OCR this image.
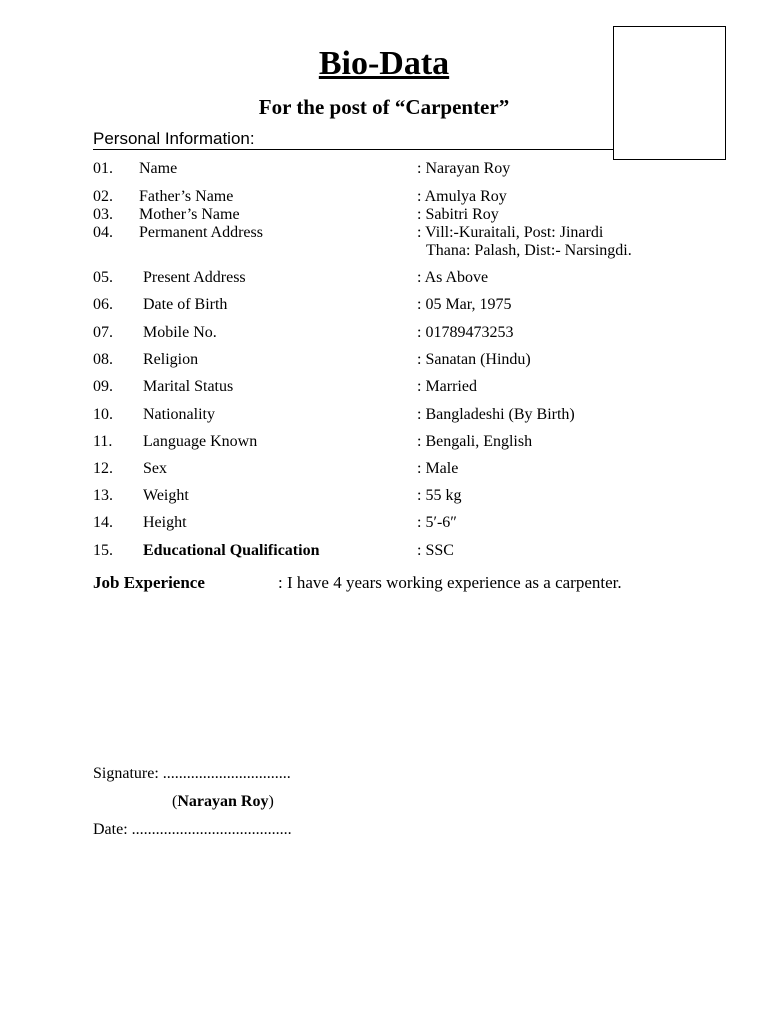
Bio-Data
For the post of “Carpenter”
Personal Information:
01. Name	: Narayan Roy
02. Father’s Name	: Amulya Roy
03. Mother’s Name	: Sabitri Roy
04. Permanent Address	: Vill:-Kuraitali, Post: Jinardi
Thana: Palash, Dist:- Narsingdi.
05. Present Address	: As Above
06. Date of Birth	: 05 Mar, 1975
07. Mobile No.	: 01789473253
08. Religion	: Sanatan (Hindu)
09. Marital Status	: Married
10. Nationality	: Bangladeshi (By Birth)
11. Language Known	: Bengali, English
12. Sex	: Male
13. Weight	: 55 kg
14. Height	: 5′-6″
15. Educational Qualification	: SSC
Job Experience	: I have 4 years working experience as a carpenter.
Signature: ................................
(Narayan Roy)
Date: ........................................
